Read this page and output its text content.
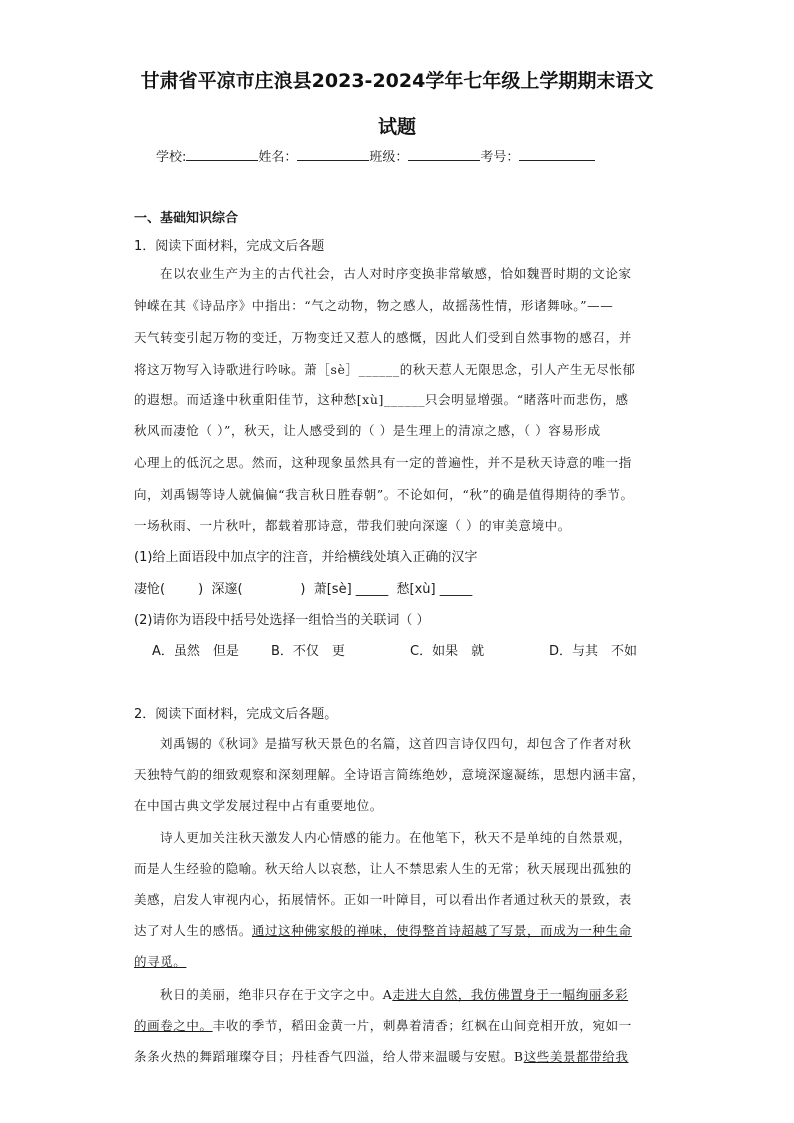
甘肃省平凉市庄浪县2023-2024学年七年级上学期期末语文
试题
学校:	姓名：	班级：	考号：
一、基础知识综合
1．阅读下面材料，完成文后各题
在以农业生产为主的古代社会，古人对时序变换非常敏感，恰如魏晋时期的文论家
钟嵘在其《诗品序》中指出：“气之动物，物之感人，故摇荡性情，形诸舞咏。”——
天气转变引起万物的变迁，万物变迁又惹人的感慨，因此人们受到自然事物的感召，并
将这万物写入诗歌进行吟咏。萧［sè］______的秋天惹人无限思念，引人产生无尽怅郁
的遐想。而适逢中秋重阳佳节，这种愁[xù]______只会明显增强。“睹落叶而悲伤，感
秋风而凄怆（ ）”，秋天，让人感受到的（ ）是生理上的清凉之感，（ ）容易形成
心理上的低沉之思。然而，这种现象虽然具有一定的普遍性，并不是秋天诗意的唯一指
向，刘禹锡等诗人就偏偏“我言秋日胜春朝”。不论如何，“秋”的确是值得期待的季节。
一场秋雨、一片秋叶，都载着那诗意，带我们驶向深邃（ ）的审美意境中。
(1)给上面语段中加点字的注音，并给横线处填入正确的汉字
凄怆(        )  深邃(              )  萧[sè] _____  愁[xù] _____
(2)请你为语段中括号处选择一组恰当的关联词（ ）
A．虽然　但是 B．不仅　更	C．如果　就	D．与其　不如
2．阅读下面材料，完成文后各题。
刘禹锡的《秋词》是描写秋天景色的名篇，这首四言诗仅四句，却包含了作者对秋
天独特气韵的细致观察和深刻理解。全诗语言简练绝妙，意境深邃凝练，思想内涵丰富，
在中国古典文学发展过程中占有重要地位。
诗人更加关注秋天激发人内心情感的能力。在他笔下，秋天不是单纯的自然景观，
而是人生经验的隐喻。秋天给人以哀愁，让人不禁思索人生的无常；秋天展现出孤独的
美感，启发人审视内心，拓展情怀。正如一叶障目，可以看出作者通过秋天的景致，表
达了对人生的感悟。通过这种佛家般的禅味，使得整首诗超越了写景，而成为一种生命
的寻觅。
秋日的美丽，绝非只存在于文字之中。A走进大自然，我仿佛置身于一幅绚丽多彩
的画卷之中。丰收的季节，稻田金黄一片，刺鼻着清香；红枫在山间竞相开放，宛如一
条条火热的舞蹈璀璨夺目；丹桂香气四溢，给人带来温暖与安慰。B这些美景都带给我
